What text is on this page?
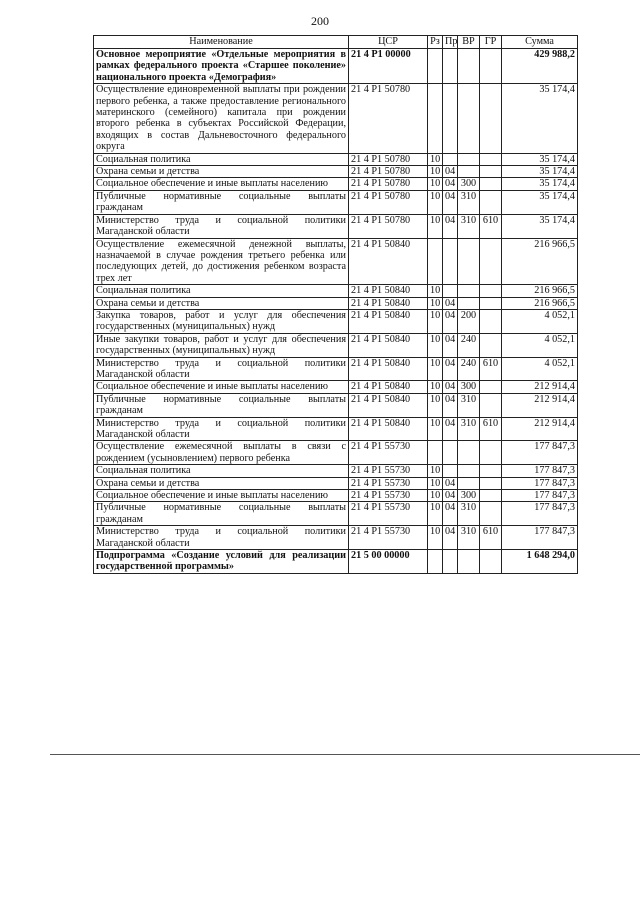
200
Наименование	ЦСР	Рз	Пр	ВР	ГР	Сумма
Основное мероприятие «Отдельные мероприятия в рамках федерального проекта «Старшее поколение» национального проекта «Демография»	21 4 P1 00000					429 988,2
Осуществление единовременной выплаты при рождении первого ребенка, а также предоставление регионального материнского (семейного) капитала при рождении второго ребенка в субъектах Российской Федерации, входящих в состав Дальневосточного федерального округа	21 4 P1 50780					35 174,4
Социальная политика	21 4 P1 50780	10				35 174,4
Охрана семьи и детства	21 4 P1 50780	10	04			35 174,4
Социальное обеспечение и иные выплаты населению	21 4 P1 50780	10	04	300		35 174,4
Публичные нормативные социальные выплаты гражданам	21 4 P1 50780	10	04	310		35 174,4
Министерство труда и социальной политики Магаданской области	21 4 P1 50780	10	04	310	610	35 174,4
Осуществление ежемесячной денежной выплаты, назначаемой в случае рождения третьего ребенка или последующих детей, до достижения ребенком возраста трех лет	21 4 P1 50840					216 966,5
Социальная политика	21 4 P1 50840	10				216 966,5
Охрана семьи и детства	21 4 P1 50840	10	04			216 966,5
Закупка товаров, работ и услуг для обеспечения государственных (муниципальных) нужд	21 4 P1 50840	10	04	200		4 052,1
Иные закупки товаров, работ и услуг для обеспечения государственных (муниципальных) нужд	21 4 P1 50840	10	04	240		4 052,1
Министерство труда и социальной политики Магаданской области	21 4 P1 50840	10	04	240	610	4 052,1
Социальное обеспечение и иные выплаты населению	21 4 P1 50840	10	04	300		212 914,4
Публичные нормативные социальные выплаты гражданам	21 4 P1 50840	10	04	310		212 914,4
Министерство труда и социальной политики Магаданской области	21 4 P1 50840	10	04	310	610	212 914,4
Осуществление ежемесячной выплаты в связи с рождением (усыновлением) первого ребенка	21 4 P1 55730					177 847,3
Социальная политика	21 4 P1 55730	10				177 847,3
Охрана семьи и детства	21 4 P1 55730	10	04			177 847,3
Социальное обеспечение и иные выплаты населению	21 4 P1 55730	10	04	300		177 847,3
Публичные нормативные социальные выплаты гражданам	21 4 P1 55730	10	04	310		177 847,3
Министерство труда и социальной политики Магаданской области	21 4 P1 55730	10	04	310	610	177 847,3
Подпрограмма «Создание условий для реализации государственной программы»	21 5 00 00000					1 648 294,0
